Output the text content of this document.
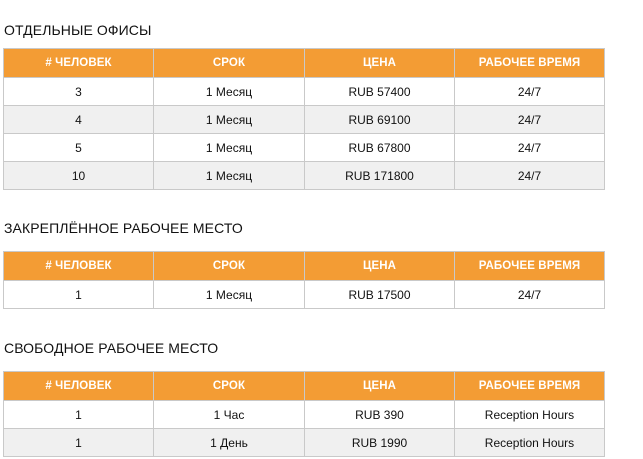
ОТДЕЛЬНЫЕ ОФИСЫ
# ЧЕЛОВЕК	СРОК	ЦЕНА	РАБОЧЕЕ ВРЕМЯ
3	1 Месяц	RUB 57400	24/7
4	1 Месяц	RUB 69100	24/7
5	1 Месяц	RUB 67800	24/7
10	1 Месяц	RUB 171800	24/7
ЗАКРЕПЛЁННОЕ РАБОЧЕЕ МЕСТО
# ЧЕЛОВЕК	СРОК	ЦЕНА	РАБОЧЕЕ ВРЕМЯ
1	1 Месяц	RUB 17500	24/7
СВОБОДНОЕ РАБОЧЕЕ МЕСТО
# ЧЕЛОВЕК	СРОК	ЦЕНА	РАБОЧЕЕ ВРЕМЯ
1	1 Час	RUB 390	Reception Hours
1	1 День	RUB 1990	Reception Hours
